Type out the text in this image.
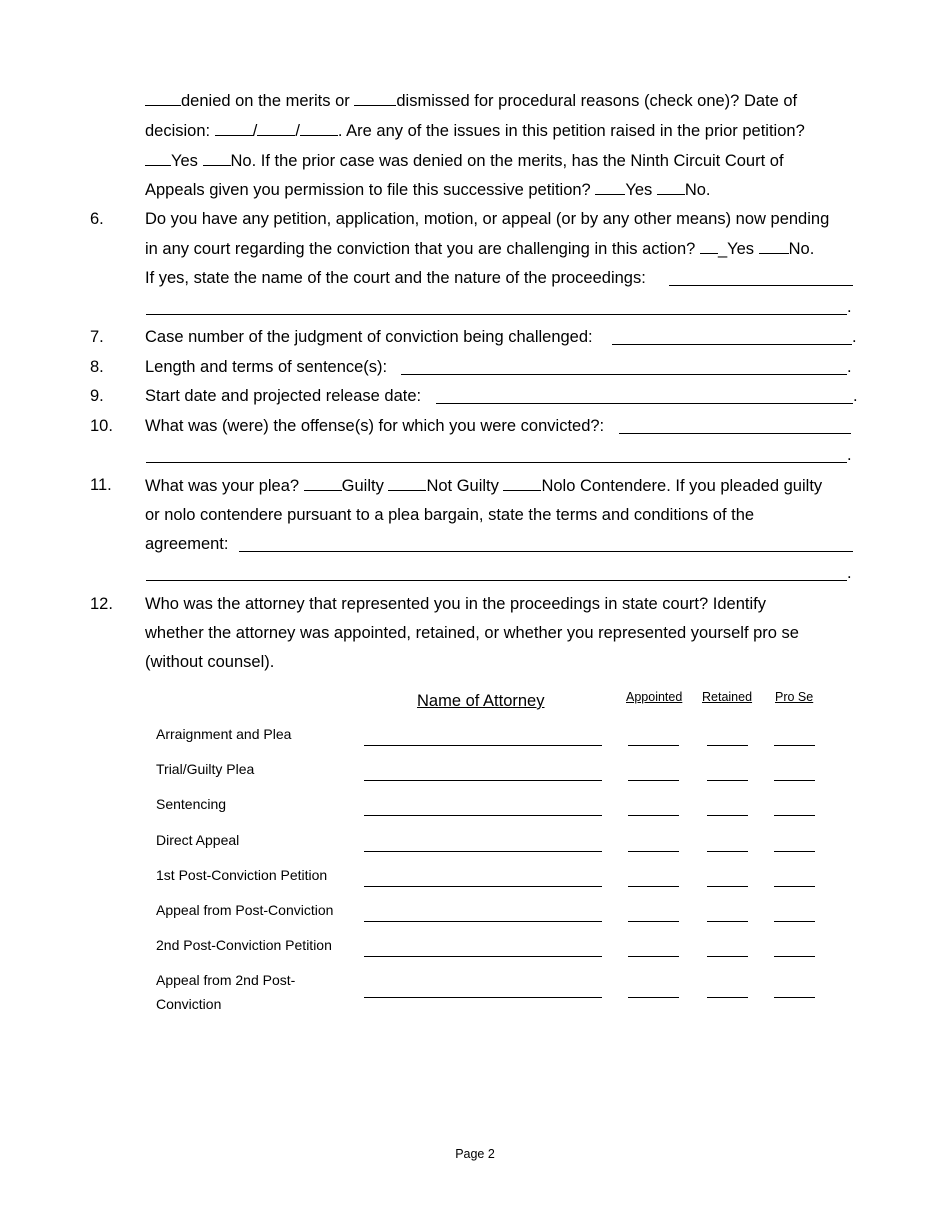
denied on the merits or	dismissed for procedural reasons (check one)? Date of
decision: / / . Are any of the issues in this petition raised in the prior petition?
Yes No. If the prior case was denied on the merits, has the Ninth Circuit Court of
Appeals given you permission to file this successive petition? Yes No.
6. Do you have any petition, application, motion, or appeal (or by any other means) now pending
in any court regarding the conviction that you are challenging in this action? _Yes No.
If yes, state the name of the court and the nature of the proceedings:
.
7. Case number of the judgment of conviction being challenged:	.
8. Length and terms of sentence(s):	.
9. Start date and projected release date:	.
10. What was (were) the offense(s) for which you were convicted?:
.
11. What was your plea? Guilty Not Guilty Nolo Contendere. If you pleaded guilty
or nolo contendere pursuant to a plea bargain, state the terms and conditions of the
agreement:
.
12. Who was the attorney that represented you in the proceedings in state court? Identify
whether the attorney was appointed, retained, or whether you represented yourself pro se
(without counsel).
Name of Attorney	Appointed Retained Pro Se
Arraignment and Plea
Trial/Guilty Plea
Sentencing
Direct Appeal
1st Post-Conviction Petition
Appeal from Post-Conviction
2nd Post-Conviction Petition
Appeal from 2nd Post-
Conviction
Page 2
